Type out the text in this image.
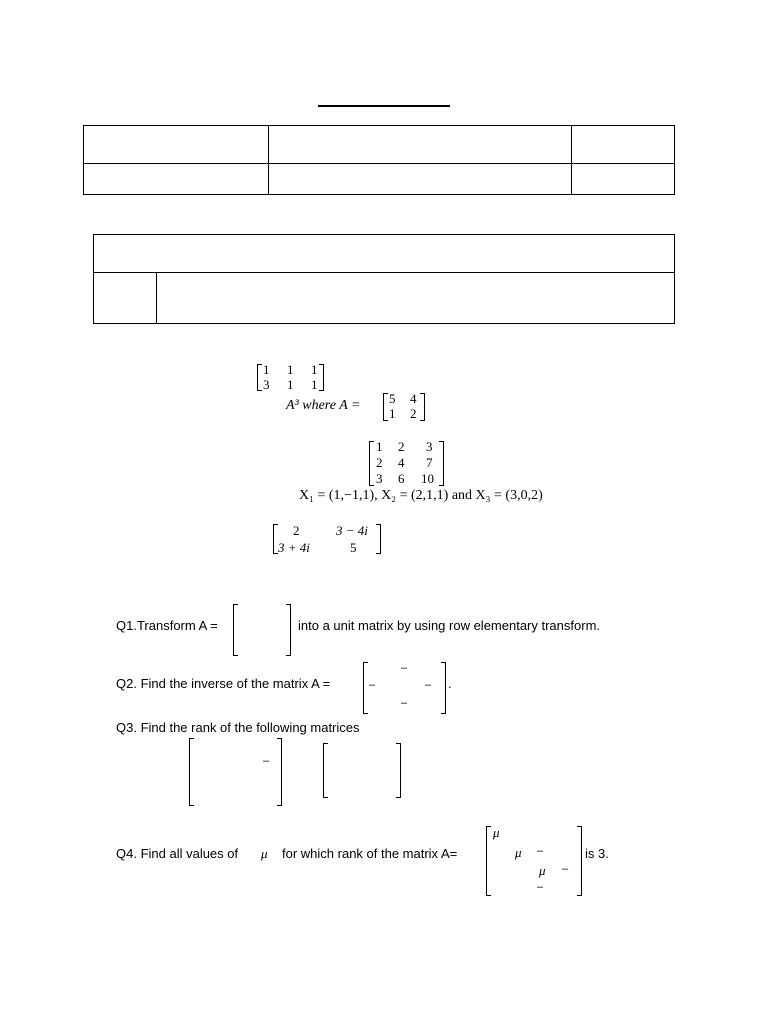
1 1 1
3 1 1
A³ where A = 5 4
1 2
1 2 3
2 4 7
3 6 10
X₁ = (1,−1,1), X₂ = (2,1,1) and X₃ = (3,0,2)
2	3 − 4i
3 + 4i	5
Q1.Transform A =	into a unit matrix by using row elementary transform.
Q2. Find the inverse of the matrix A =
–
–	–
–
.
Q3. Find the rank of the following matrices
–
Q4. Find all values of μ for which rank of the matrix A=
μ
μ –
μ –
–
is 3.
